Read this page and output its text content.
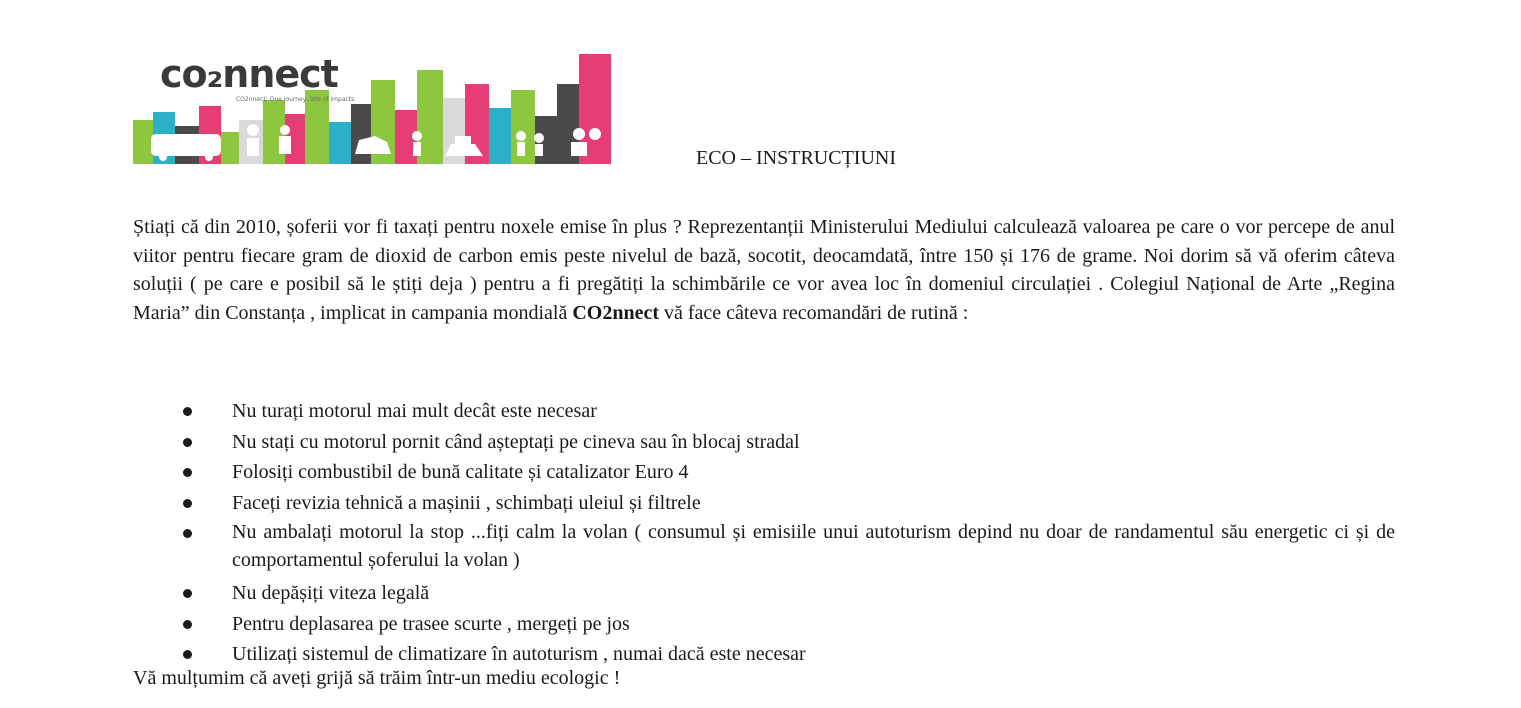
co₂nnect
CO2nnect: One journey, lots of impacts
ECO – INSTRUCȚIUNI

Știați că din 2010, șoferii vor fi taxați pentru noxele emise în plus ? Reprezentanții Ministerului Mediului calculează valoarea pe care o vor percepe de anul viitor pentru fiecare gram de dioxid de carbon emis peste nivelul de bază, socotit, deocamdată, între 150 și 176 de grame. Noi dorim să vă oferim câteva soluții ( pe care e posibil să le știți deja ) pentru a fi pregătiți la schimbările ce vor avea loc în domeniul circulației . Colegiul Național de Arte „Regina Maria” din Constanța , implicat in campania mondială CO2nnect vă face câteva recomandări de rutină :

Nu turați motorul mai mult decât este necesar
Nu stați cu motorul pornit când așteptați pe cineva sau în blocaj stradal
Folosiți combustibil de bună calitate și catalizator Euro 4
Faceți revizia tehnică a mașinii , schimbați uleiul și filtrele
Nu ambalați motorul la stop ...fiți calm la volan ( consumul și emisiile unui autoturism depind nu doar de randamentul său energetic ci și de comportamentul șoferului la volan )
Nu depășiți viteza legală
Pentru deplasarea pe trasee scurte , mergeți pe jos
Utilizați sistemul de climatizare în autoturism , numai dacă este necesar
Vă mulțumim că aveți grijă să trăim într-un mediu ecologic !
